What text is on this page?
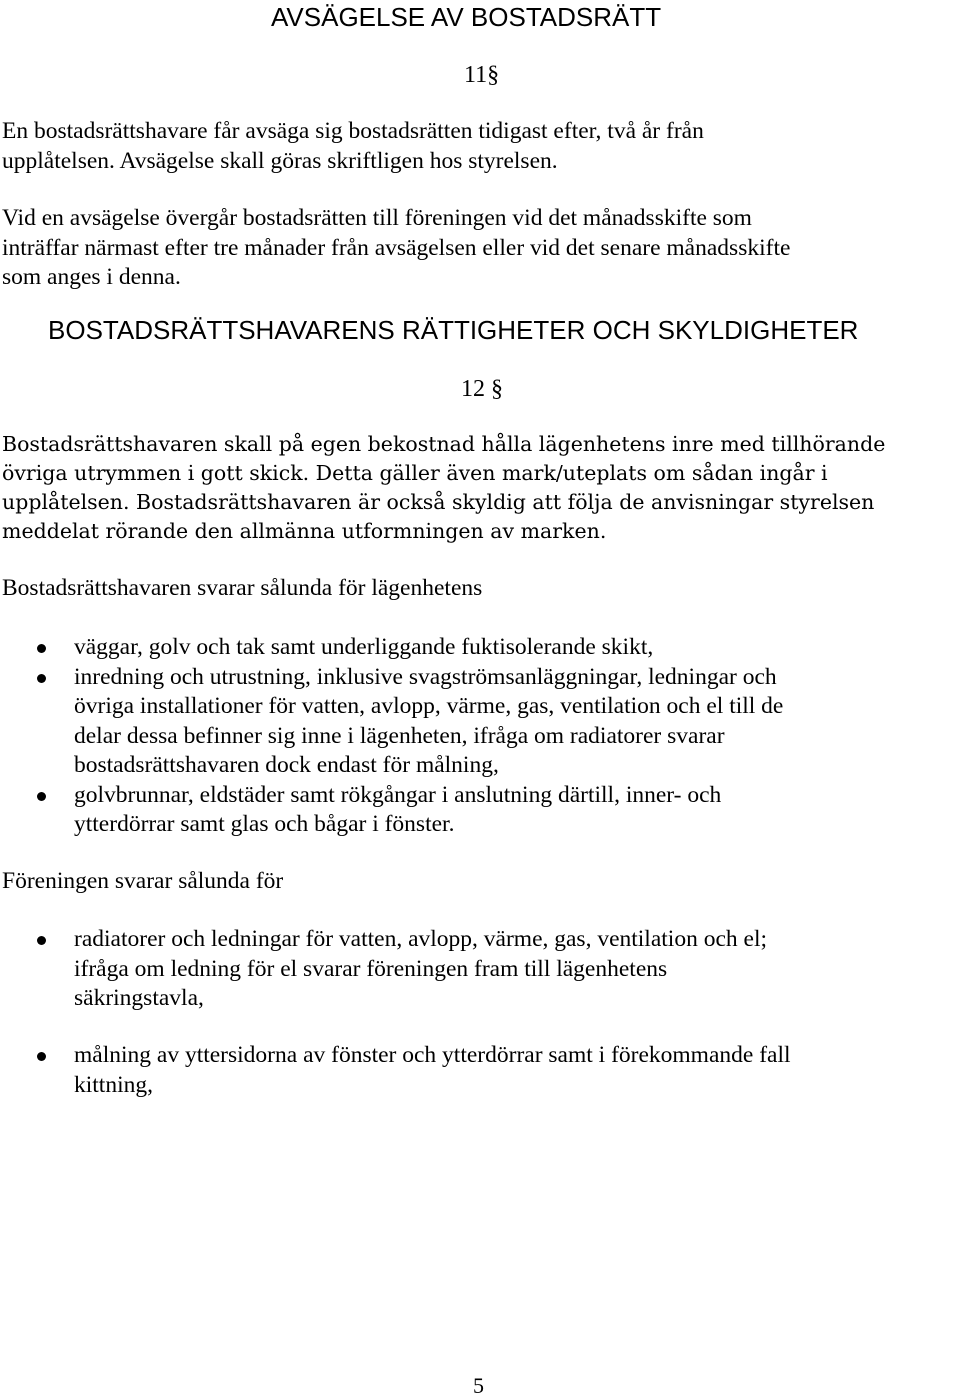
AVSÄGELSE AV BOSTADSRÄTT
11§

En bostadsrättshavare får avsäga sig bostadsrätten tidigast efter, två år från
upplåtelsen. Avsägelse skall göras skriftligen hos styrelsen.

Vid en avsägelse övergår bostadsrätten till föreningen vid det månadsskifte som
inträffar närmast efter tre månader från avsägelsen eller vid det senare månadsskifte
som anges i denna.

BOSTADSRÄTTSHAVARENS RÄTTIGHETER OCH SKYLDIGHETER
12 §

Bostadsrättshavaren skall på egen bekostnad hålla lägenhetens inre med tillhörande
övriga utrymmen i gott skick. Detta gäller även mark/uteplats om sådan ingår i
upplåtelsen. Bostadsrättshavaren är också skyldig att följa de anvisningar styrelsen
meddelat rörande den allmänna utformningen av marken.

Bostadsrättshavaren svarar sålunda för lägenhetens

väggar, golv och tak samt underliggande fuktisolerande skikt,
inredning och utrustning, inklusive svagströmsanläggningar, ledningar och
övriga installationer för vatten, avlopp, värme, gas, ventilation och el till de
delar dessa befinner sig inne i lägenheten, ifråga om radiatorer svarar
bostadsrättshavaren dock endast för målning,
golvbrunnar, eldstäder samt rökgångar i anslutning därtill, inner- och
ytterdörrar samt glas och bågar i fönster.

Föreningen svarar sålunda för

radiatorer och ledningar för vatten, avlopp, värme, gas, ventilation och el;
ifråga om ledning för el svarar föreningen fram till lägenhetens
säkringstavla,
målning av yttersidorna av fönster och ytterdörrar samt i förekommande fall
kittning,
5
